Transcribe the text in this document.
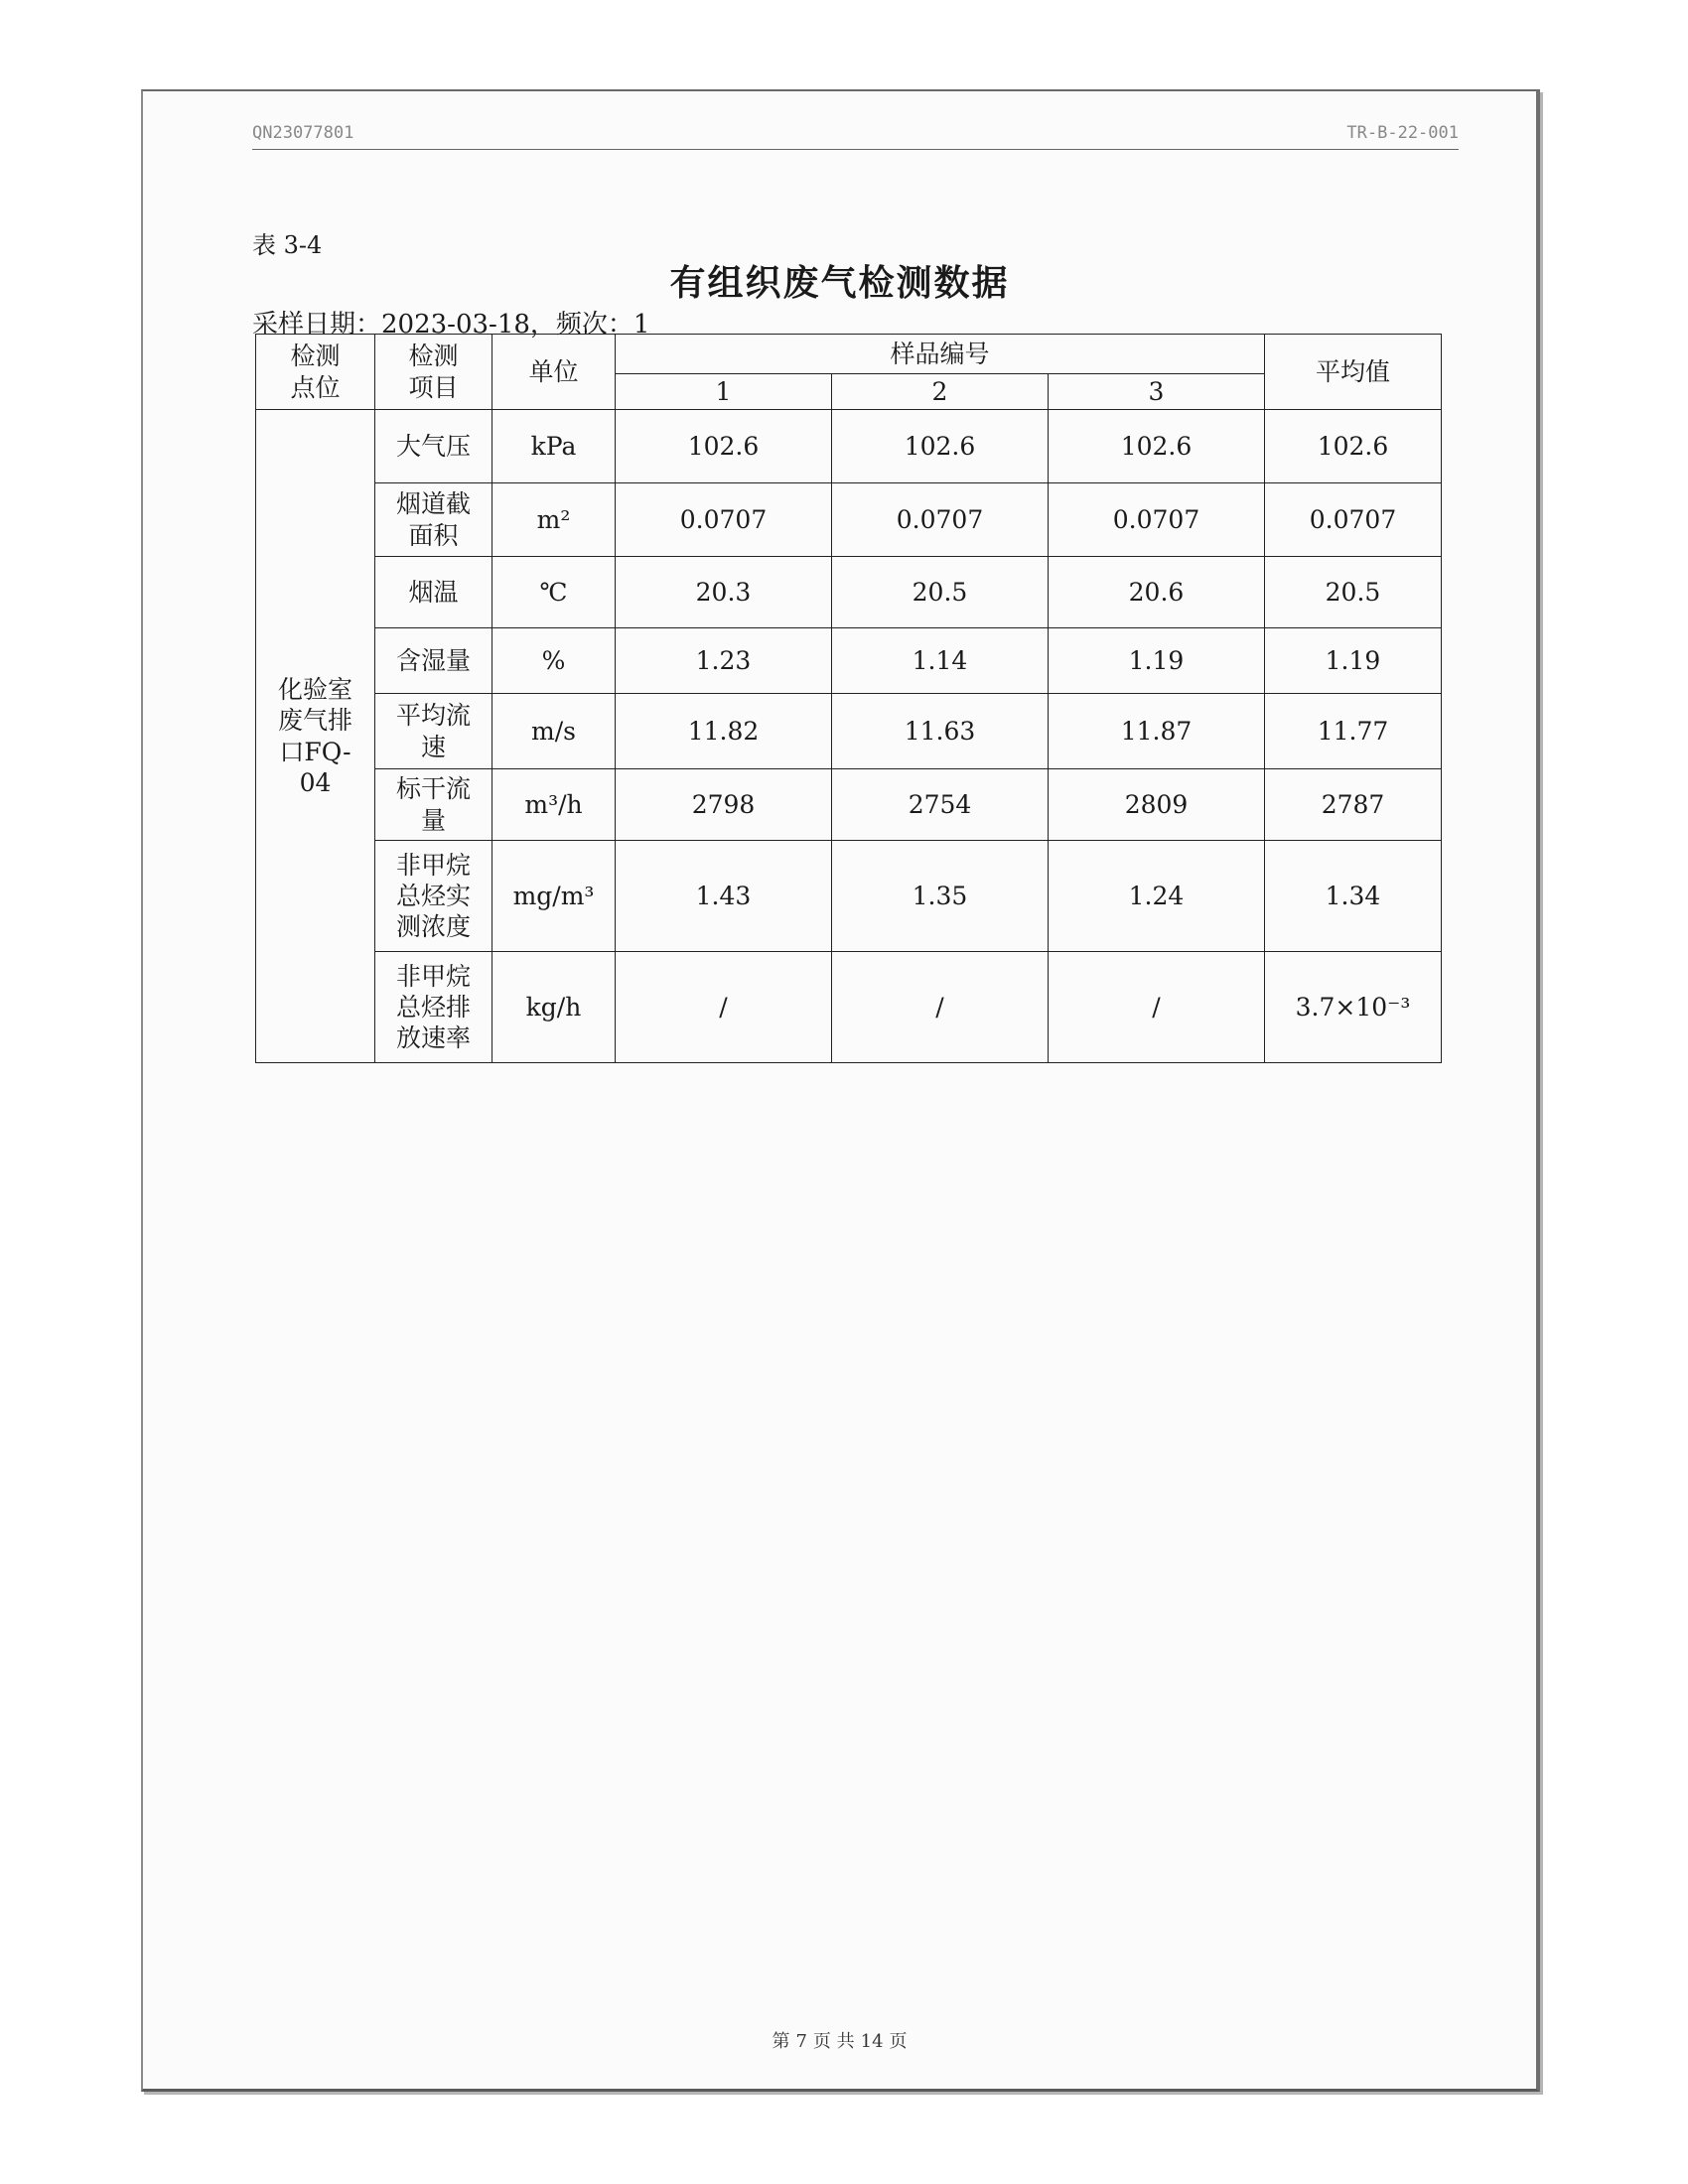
QN23077801	TR-B-22-001
表 3-4
有组织废气检测数据
采样日期：2023-03-18，频次：1
检测点位	检测项目	单位	样品编号			平均值
			1	2	3	

化验室废气排口FQ-04	大气压	kPa	102.6	102.6	102.6	102.6

	烟道截面积	m²	0.0707	0.0707	0.0707	0.0707

	烟温	℃	20.3	20.5	20.6	20.5

	含湿量	%	1.23	1.14	1.19	1.19

	平均流速	m/s	11.82	11.63	11.87	11.77

	标干流量	m³/h	2798	2754	2809	2787

	非甲烷总烃实测浓度	mg/m³	1.43	1.35	1.24	1.34

	非甲烷总烃排放速率	kg/h	/	/	/	3.7×10⁻³
第 7 页 共 14 页
